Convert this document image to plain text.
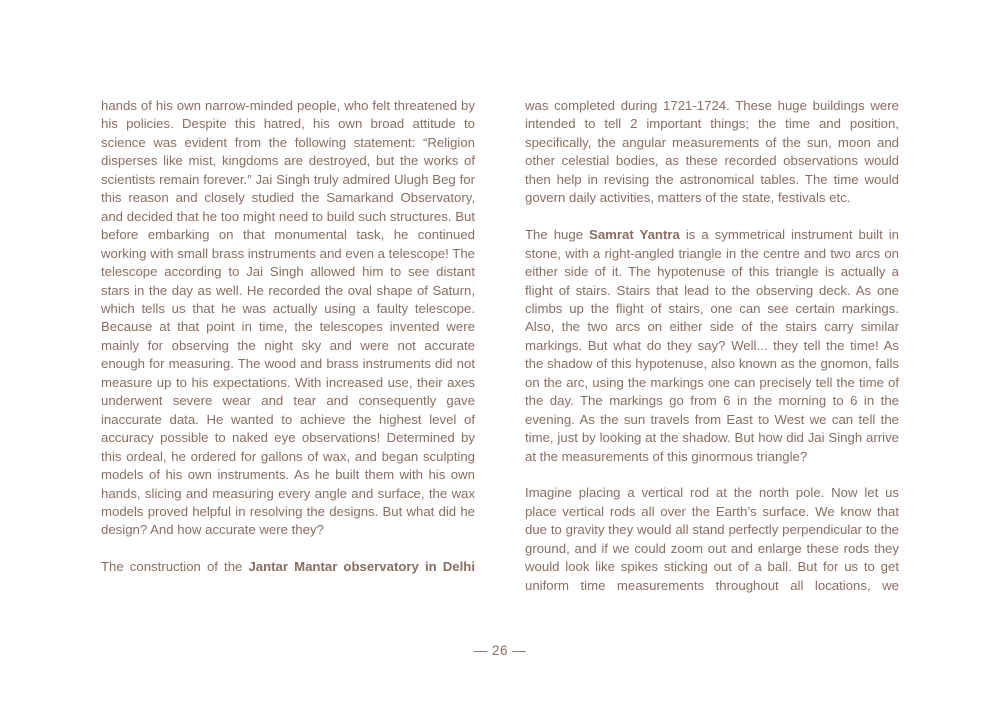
hands of his own narrow-minded people, who felt threatened by his policies. Despite this hatred, his own broad attitude to science was evident from the following statement: “Religion disperses like mist, kingdoms are destroyed, but the works of scientists remain forever.” Jai Singh truly admired Ulugh Beg for this reason and closely studied the Samarkand Observatory, and decided that he too might need to build such structures. But before embarking on that monumental task, he continued working with small brass instruments and even a telescope! The telescope according to Jai Singh allowed him to see distant stars in the day as well. He recorded the oval shape of Saturn, which tells us that he was actually using a faulty telescope. Because at that point in time, the telescopes invented were mainly for observing the night sky and were not accurate enough for measuring. The wood and brass instruments did not measure up to his expectations. With increased use, their axes underwent severe wear and tear and consequently gave inaccurate data. He wanted to achieve the highest level of accuracy possible to naked eye observations! Determined by this ordeal, he ordered for gallons of wax, and began sculpting models of his own instruments. As he built them with his own hands, slicing and measuring every angle and surface, the wax models proved helpful in resolving the designs. But what did he design? And how accurate were they?

The construction of the Jantar Mantar observatory in Delhi

was completed during 1721-1724. These huge buildings were intended to tell 2 important things; the time and position, specifically, the angular measurements of the sun, moon and other celestial bodies, as these recorded observations would then help in revising the astronomical tables. The time would govern daily activities, matters of the state, festivals etc.

The huge Samrat Yantra is a symmetrical instrument built in stone, with a right-angled triangle in the centre and two arcs on either side of it. The hypotenuse of this triangle is actually a flight of stairs. Stairs that lead to the observing deck. As one climbs up the flight of stairs, one can see certain markings. Also, the two arcs on either side of the stairs carry similar markings. But what do they say? Well... they tell the time! As the shadow of this hypotenuse, also known as the gnomon, falls on the arc, using the markings one can precisely tell the time of the day. The markings go from 6 in the morning to 6 in the evening. As the sun travels from East to West we can tell the time, just by looking at the shadow. But how did Jai Singh arrive at the measurements of this ginormous triangle?

Imagine placing a vertical rod at the north pole. Now let us place vertical rods all over the Earth’s surface. We know that due to gravity they would all stand perfectly perpendicular to the ground, and if we could zoom out and enlarge these rods they would look like spikes sticking out of a ball. But for us to get uniform time measurements throughout all locations, we

— 26 —
